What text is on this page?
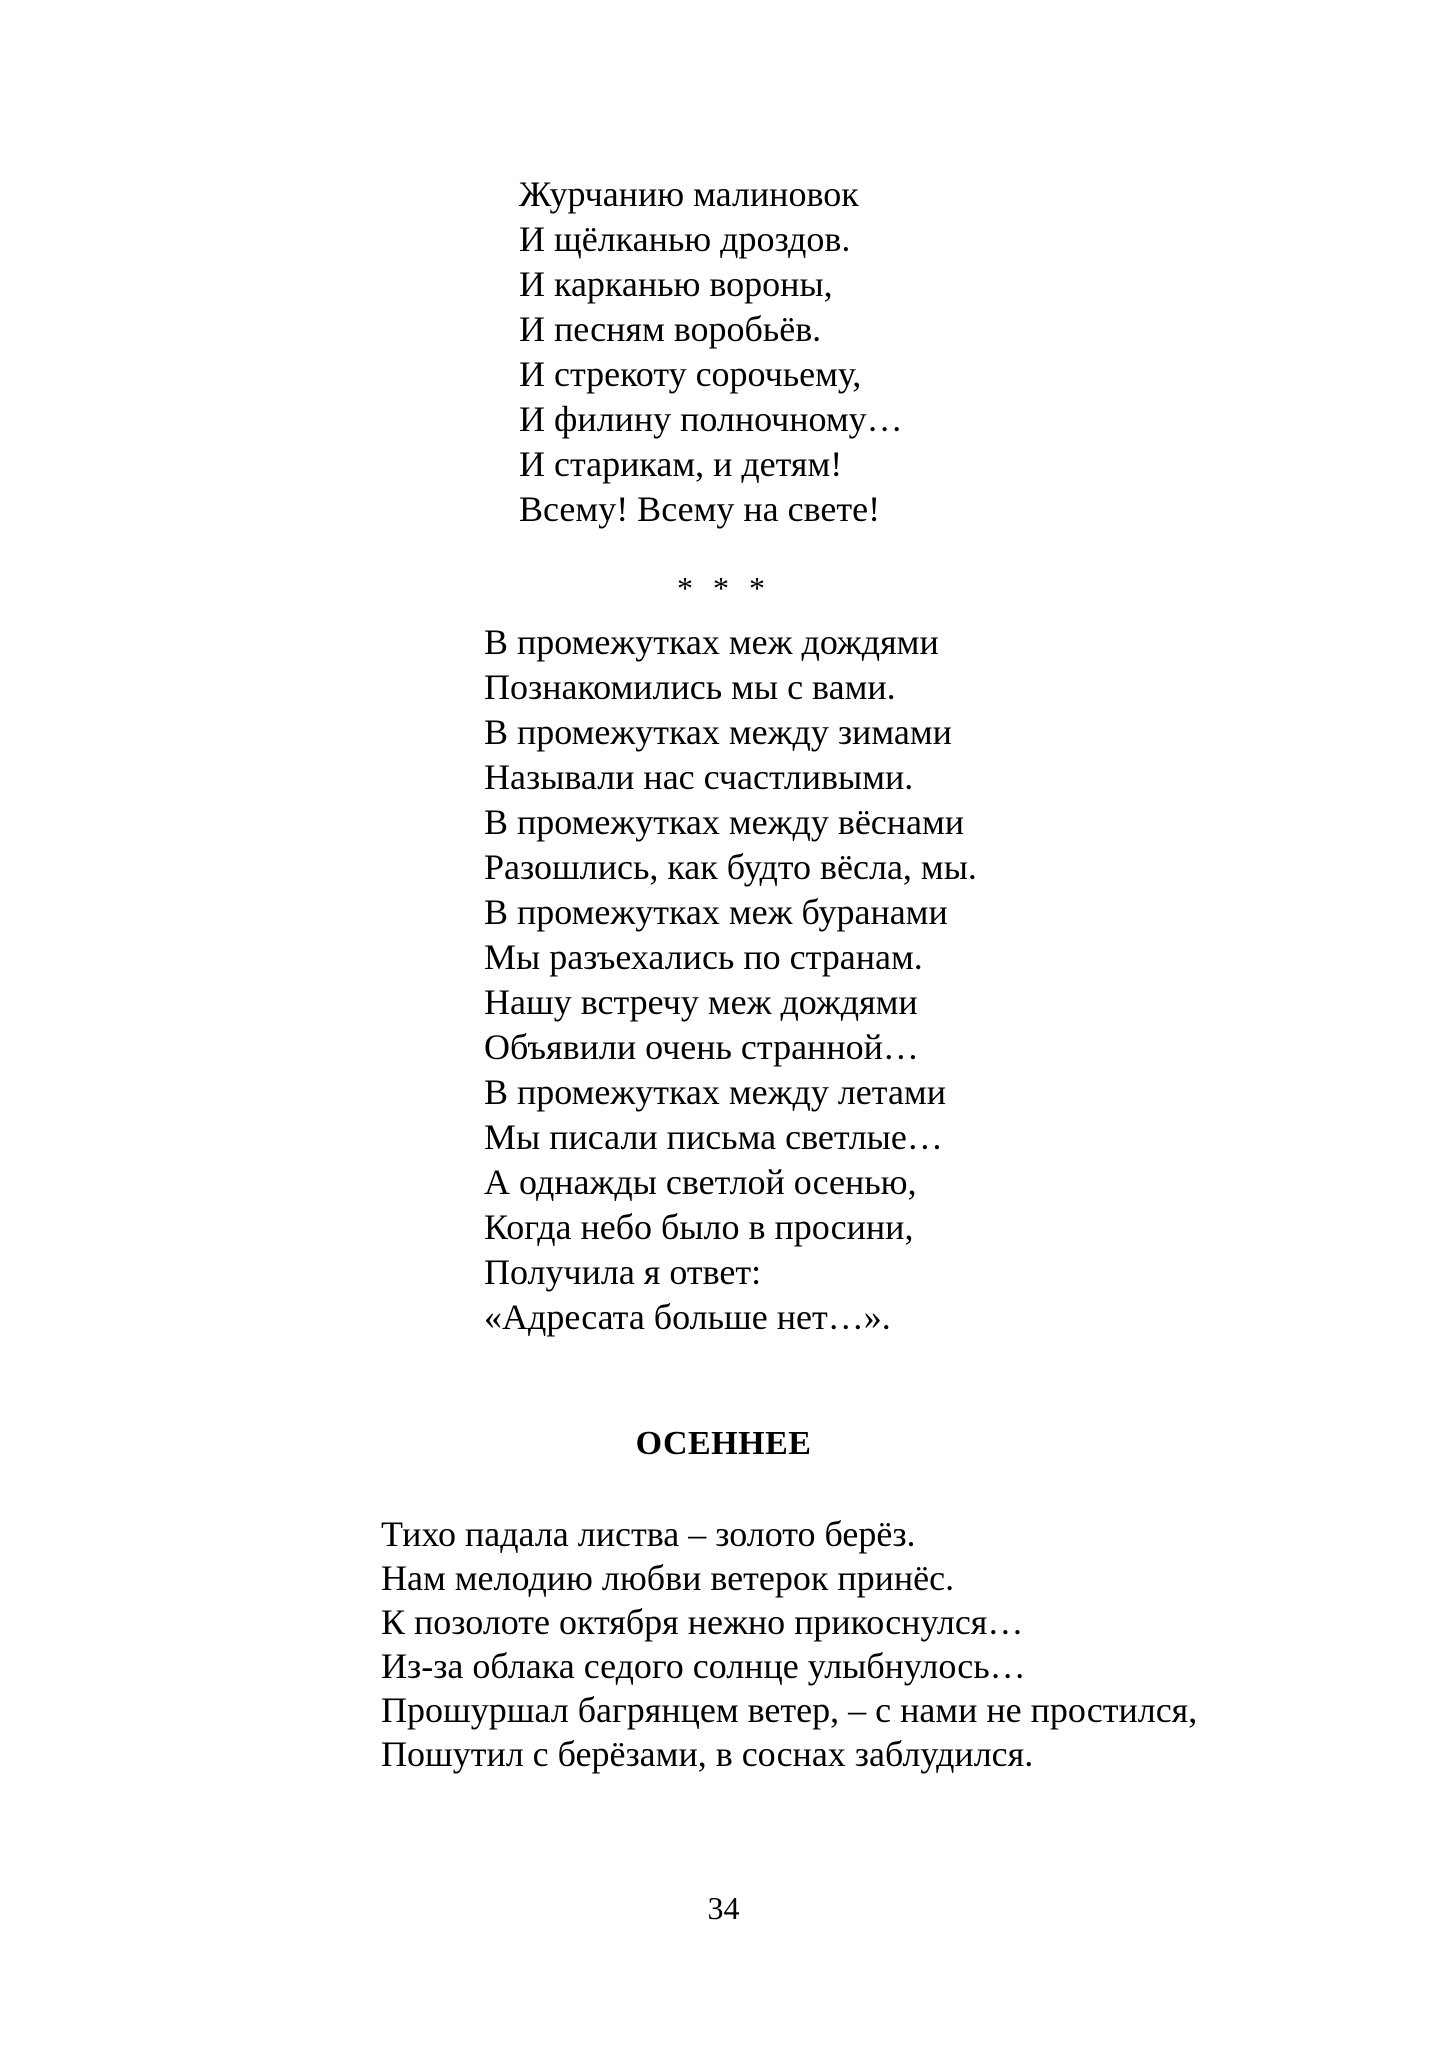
Журчанию малиновок
И щёлканью дроздов.
И карканью вороны,
И песням воробьёв.
И стрекоту сорочьему,
И филину полночному…
И старикам, и детям!
Всему! Всему на свете!
* * *
В промежутках меж дождями
Познакомились мы с вами.
В промежутках между зимами
Называли нас счастливыми.
В промежутках между вёснами
Разошлись, как будто вёсла, мы.
В промежутках меж буранами
Мы разъехались по странам.
Нашу встречу меж дождями
Объявили очень странной…
В промежутках между летами
Мы писали письма светлые…
А однажды светлой осенью,
Когда небо было в просини,
Получила я ответ:
«Адресата больше нет…».
ОСЕННЕЕ
Тихо падала листва – золото берёз.
Нам мелодию любви ветерок принёс.
К позолоте октября нежно прикоснулся…
Из-за облака седого солнце улыбнулось…
Прошуршал багрянцем ветер, – с нами не простился,
Пошутил с берёзами, в соснах заблудился.
34
